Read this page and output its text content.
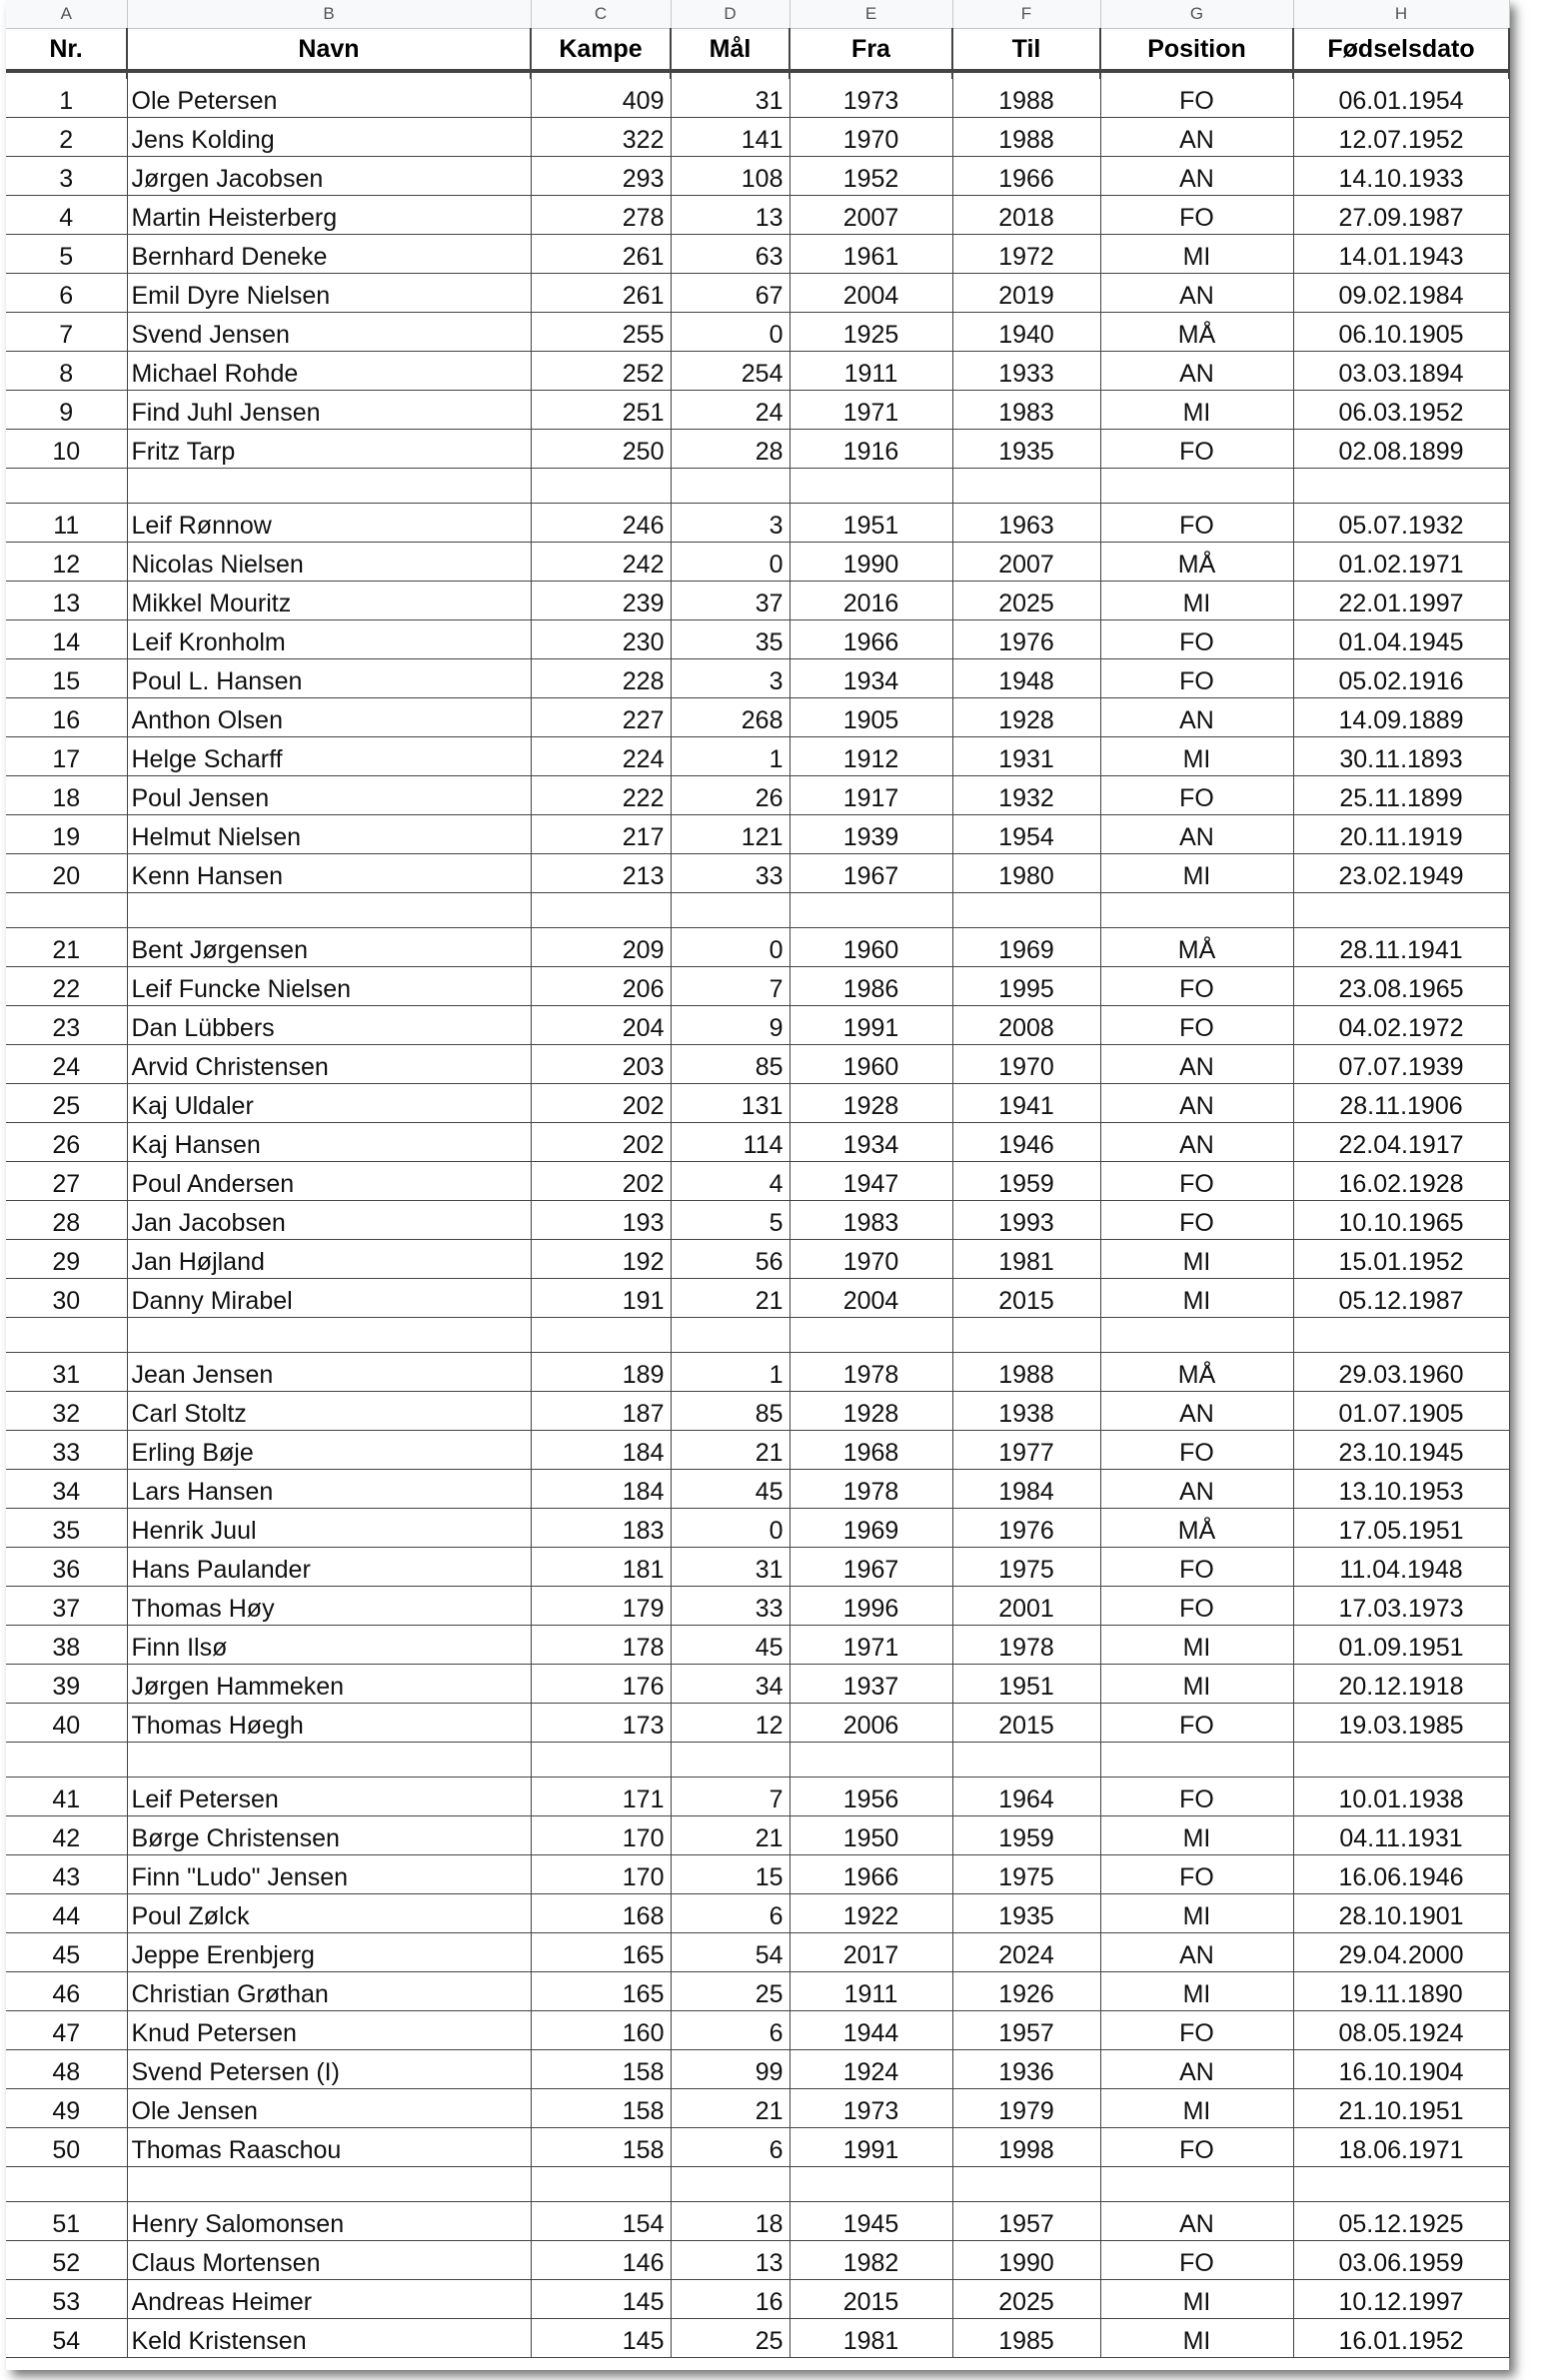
A	B	C	D	E	F	G	H
Nr.	Navn	Kampe	Mål	Fra	Til	Position	Fødselsdato

1	Ole Petersen	409	31	1973	1988	FO	06.01.1954
2	Jens Kolding	322	141	1970	1988	AN	12.07.1952
3	Jørgen Jacobsen	293	108	1952	1966	AN	14.10.1933
4	Martin Heisterberg	278	13	2007	2018	FO	27.09.1987
5	Bernhard Deneke	261	63	1961	1972	MI	14.01.1943
6	Emil Dyre Nielsen	261	67	2004	2019	AN	09.02.1984
7	Svend Jensen	255	0	1925	1940	MÅ	06.10.1905
8	Michael Rohde	252	254	1911	1933	AN	03.03.1894
9	Find Juhl Jensen	251	24	1971	1983	MI	06.03.1952
10	Fritz Tarp	250	28	1916	1935	FO	02.08.1899

11	Leif Rønnow	246	3	1951	1963	FO	05.07.1932
12	Nicolas Nielsen	242	0	1990	2007	MÅ	01.02.1971
13	Mikkel Mouritz	239	37	2016	2025	MI	22.01.1997
14	Leif Kronholm	230	35	1966	1976	FO	01.04.1945
15	Poul L. Hansen	228	3	1934	1948	FO	05.02.1916
16	Anthon Olsen	227	268	1905	1928	AN	14.09.1889
17	Helge Scharff	224	1	1912	1931	MI	30.11.1893
18	Poul Jensen	222	26	1917	1932	FO	25.11.1899
19	Helmut Nielsen	217	121	1939	1954	AN	20.11.1919
20	Kenn Hansen	213	33	1967	1980	MI	23.02.1949

21	Bent Jørgensen	209	0	1960	1969	MÅ	28.11.1941
22	Leif Funcke Nielsen	206	7	1986	1995	FO	23.08.1965
23	Dan Lübbers	204	9	1991	2008	FO	04.02.1972
24	Arvid Christensen	203	85	1960	1970	AN	07.07.1939
25	Kaj Uldaler	202	131	1928	1941	AN	28.11.1906
26	Kaj Hansen	202	114	1934	1946	AN	22.04.1917
27	Poul Andersen	202	4	1947	1959	FO	16.02.1928
28	Jan Jacobsen	193	5	1983	1993	FO	10.10.1965
29	Jan Højland	192	56	1970	1981	MI	15.01.1952
30	Danny Mirabel	191	21	2004	2015	MI	05.12.1987

31	Jean Jensen	189	1	1978	1988	MÅ	29.03.1960
32	Carl Stoltz	187	85	1928	1938	AN	01.07.1905
33	Erling Bøje	184	21	1968	1977	FO	23.10.1945
34	Lars Hansen	184	45	1978	1984	AN	13.10.1953
35	Henrik Juul	183	0	1969	1976	MÅ	17.05.1951
36	Hans Paulander	181	31	1967	1975	FO	11.04.1948
37	Thomas Høy	179	33	1996	2001	FO	17.03.1973
38	Finn Ilsø	178	45	1971	1978	MI	01.09.1951
39	Jørgen Hammeken	176	34	1937	1951	MI	20.12.1918
40	Thomas Høegh	173	12	2006	2015	FO	19.03.1985

41	Leif Petersen	171	7	1956	1964	FO	10.01.1938
42	Børge Christensen	170	21	1950	1959	MI	04.11.1931
43	Finn "Ludo" Jensen	170	15	1966	1975	FO	16.06.1946
44	Poul Zølck	168	6	1922	1935	MI	28.10.1901
45	Jeppe Erenbjerg	165	54	2017	2024	AN	29.04.2000
46	Christian Grøthan	165	25	1911	1926	MI	19.11.1890
47	Knud Petersen	160	6	1944	1957	FO	08.05.1924
48	Svend Petersen (I)	158	99	1924	1936	AN	16.10.1904
49	Ole Jensen	158	21	1973	1979	MI	21.10.1951
50	Thomas Raaschou	158	6	1991	1998	FO	18.06.1971

51	Henry Salomonsen	154	18	1945	1957	AN	05.12.1925
52	Claus Mortensen	146	13	1982	1990	FO	03.06.1959
53	Andreas Heimer	145	16	2015	2025	MI	10.12.1997
54	Keld Kristensen	145	25	1981	1985	MI	16.01.1952
